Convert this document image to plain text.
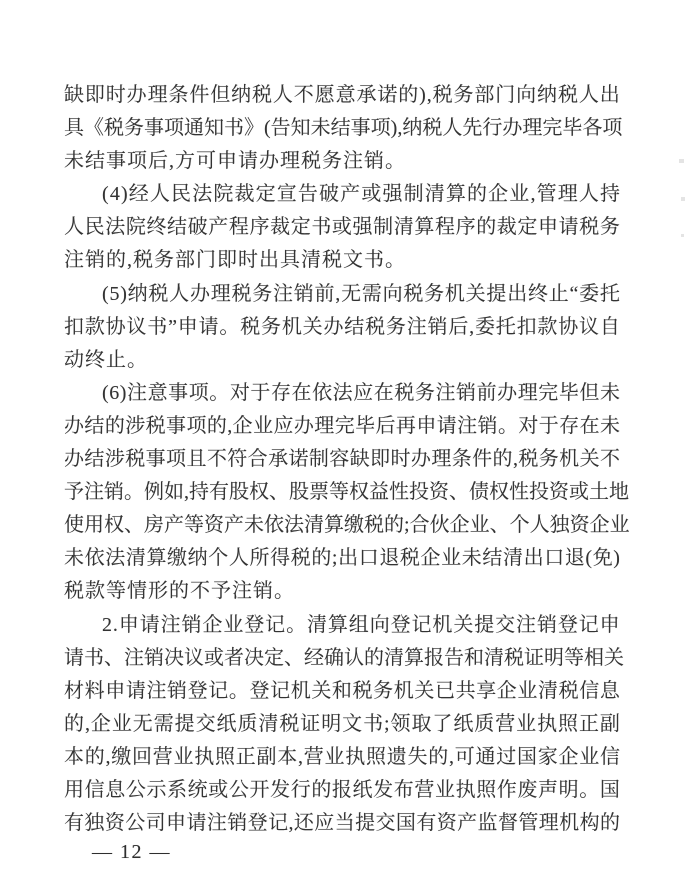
缺 即 时 办 理 条 件 但 纳 税 人 不 愿 意 承 诺 的 ) , 税 务 部 门 向 纳 税 人 出
具 《 税 务 事 项 通 知 书 》 ( 告 知 未 结 事 项 ) , 纳 税 人 先 行 办 理 完 毕 各 项
未结事项后,方可申请办理税务注销。
( 4 ) 经 人 民 法 院 裁 定 宣 告 破 产 或 强 制 清 算 的 企 业 , 管 理 人 持
人 民 法 院 终 结 破 产 程 序 裁 定 书 或 强 制 清 算 程 序 的 裁 定 申 请 税 务
注销的,税务部门即时出具清税文书。
( 5 ) 纳 税 人 办 理 税 务 注 销 前 , 无 需 向 税 务 机 关 提 出 终 止 “ 委 托
扣 款 协 议 书 ” 申 请 。 税 务 机 关 办 结 税 务 注 销 后 , 委 托 扣 款 协 议 自
动终止。
( 6 ) 注 意 事 项 。 对 于 存 在 依 法 应 在 税 务 注 销 前 办 理 完 毕 但 未
办 结 的 涉 税 事 项 的 , 企 业 应 办 理 完 毕 后 再 申 请 注 销 。 对 于 存 在 未
办 结 涉 税 事 项 且 不 符 合 承 诺 制 容 缺 即 时 办 理 条 件 的 , 税 务 机 关 不
予 注 销 。 例 如 , 持 有 股 权 、 股 票 等 权 益 性 投 资 、 债 权 性 投 资 或 土 地
使 用 权 、 房 产 等 资 产 未 依 法 清 算 缴 税 的 ; 合 伙 企 业 、 个 人 独 资 企 业
未 依 法 清 算 缴 纳 个 人 所 得 税 的 ; 出 口 退 税 企 业 未 结 清 出 口 退 ( 免 )
税款等情形的不予注销。
2 . 申 请 注 销 企 业 登 记 。 清 算 组 向 登 记 机 关 提 交 注 销 登 记 申
请 书 、 注 销 决 议 或 者 决 定 、 经 确 认 的 清 算 报 告 和 清 税 证 明 等 相 关
材 料 申 请 注 销 登 记 。 登 记 机 关 和 税 务 机 关 已 共 享 企 业 清 税 信 息
的 , 企 业 无 需 提 交 纸 质 清 税 证 明 文 书 ; 领 取 了 纸 质 营 业 执 照 正 副
本 的 , 缴 回 营 业 执 照 正 副 本 , 营 业 执 照 遗 失 的 , 可 通 过 国 家 企 业 信
用 信 息 公 示 系 统 或 公 开 发 行 的 报 纸 发 布 营 业 执 照 作 废 声 明 。 国
有 独 资 公 司 申 请 注 销 登 记 , 还 应 当 提 交 国 有 资 产 监 督 管 理 机 构 的
— 12 —
